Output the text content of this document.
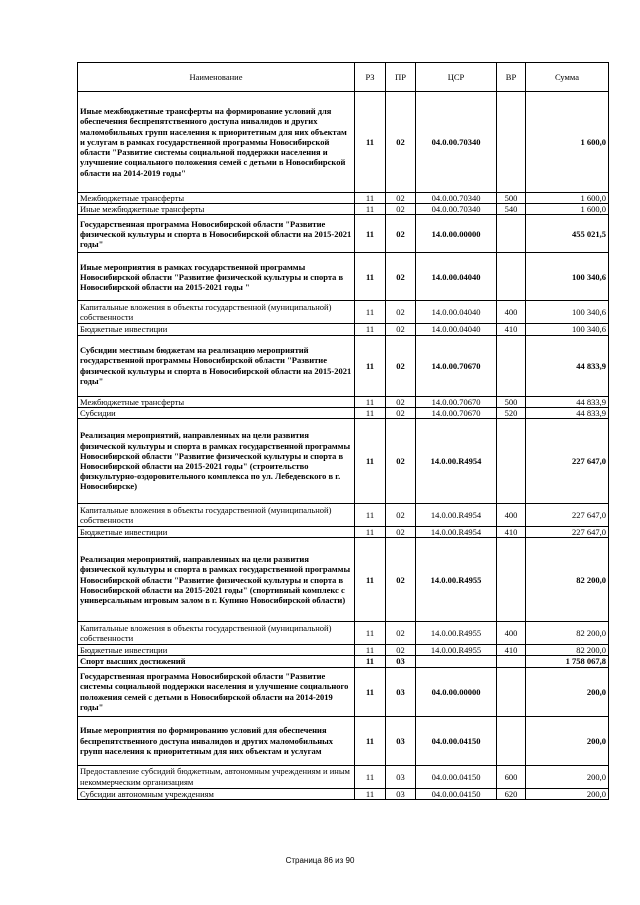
Наименование	РЗ	ПР	ЦСР	ВР	Сумма
Иные межбюджетные трансферты на формирование условий для обеспечения беспрепятственного доступа инвалидов и других маломобильных групп населения к приоритетным для них объектам и услугам в рамках государственной программы Новосибирской области "Развитие системы социальной поддержки населения и улучшение социального положения семей с детьми в Новосибирской области на 2014-2019 годы"	11	02	04.0.00.70340		1 600,0
Межбюджетные трансферты	11	02	04.0.00.70340	500	1 600,0
Иные межбюджетные трансферты	11	02	04.0.00.70340	540	1 600,0
Государственная программа Новосибирской области "Развитие физической культуры и спорта в Новосибирской области на 2015-2021 годы"	11	02	14.0.00.00000		455 021,5
Иные мероприятия в рамках государственной программы Новосибирской области "Развитие физической культуры и спорта в Новосибирской области на 2015-2021 годы "	11	02	14.0.00.04040		100 340,6
Капитальные вложения в объекты государственной (муниципальной) собственности	11	02	14.0.00.04040	400	100 340,6
Бюджетные инвестиции	11	02	14.0.00.04040	410	100 340,6
Субсидии местным бюджетам на реализацию мероприятий государственной программы Новосибирской области "Развитие физической культуры и спорта в Новосибирской области на 2015-2021 годы"	11	02	14.0.00.70670		44 833,9
Межбюджетные трансферты	11	02	14.0.00.70670	500	44 833,9
Субсидии	11	02	14.0.00.70670	520	44 833,9
Реализация мероприятий, направленных на цели развития физической культуры и спорта в рамках государственной программы Новосибирской области "Развитие физической культуры и спорта в Новосибирской области на 2015-2021 годы" (строительство физкультурно-оздоровительного комплекса по ул. Лебедевского в г. Новосибирске)	11	02	14.0.00.R4954		227 647,0
Капитальные вложения в объекты государственной (муниципальной) собственности	11	02	14.0.00.R4954	400	227 647,0
Бюджетные инвестиции	11	02	14.0.00.R4954	410	227 647,0
Реализация мероприятий, направленных на цели развития физической культуры и спорта в рамках государственной программы Новосибирской области "Развитие физической культуры и спорта в Новосибирской области на 2015-2021 годы" (спортивный комплекс с универсальным игровым залом в г. Купино Новосибирской области)	11	02	14.0.00.R4955		82 200,0
Капитальные вложения в объекты государственной (муниципальной) собственности	11	02	14.0.00.R4955	400	82 200,0
Бюджетные инвестиции	11	02	14.0.00.R4955	410	82 200,0
Спорт высших достижений	11	03			1 758 067,8
Государственная программа Новосибирской области "Развитие системы социальной поддержки населения и улучшение социального положения семей с детьми в Новосибирской области на 2014-2019 годы"	11	03	04.0.00.00000		200,0
Иные мероприятия по формированию условий для обеспечения беспрепятственного доступа инвалидов и других маломобильных групп населения к приоритетным для них объектам и услугам	11	03	04.0.00.04150		200,0
Предоставление субсидий бюджетным, автономным учреждениям и иным некоммерческим организациям	11	03	04.0.00.04150	600	200,0
Субсидии автономным учреждениям	11	03	04.0.00.04150	620	200,0
Страница 86 из 90
